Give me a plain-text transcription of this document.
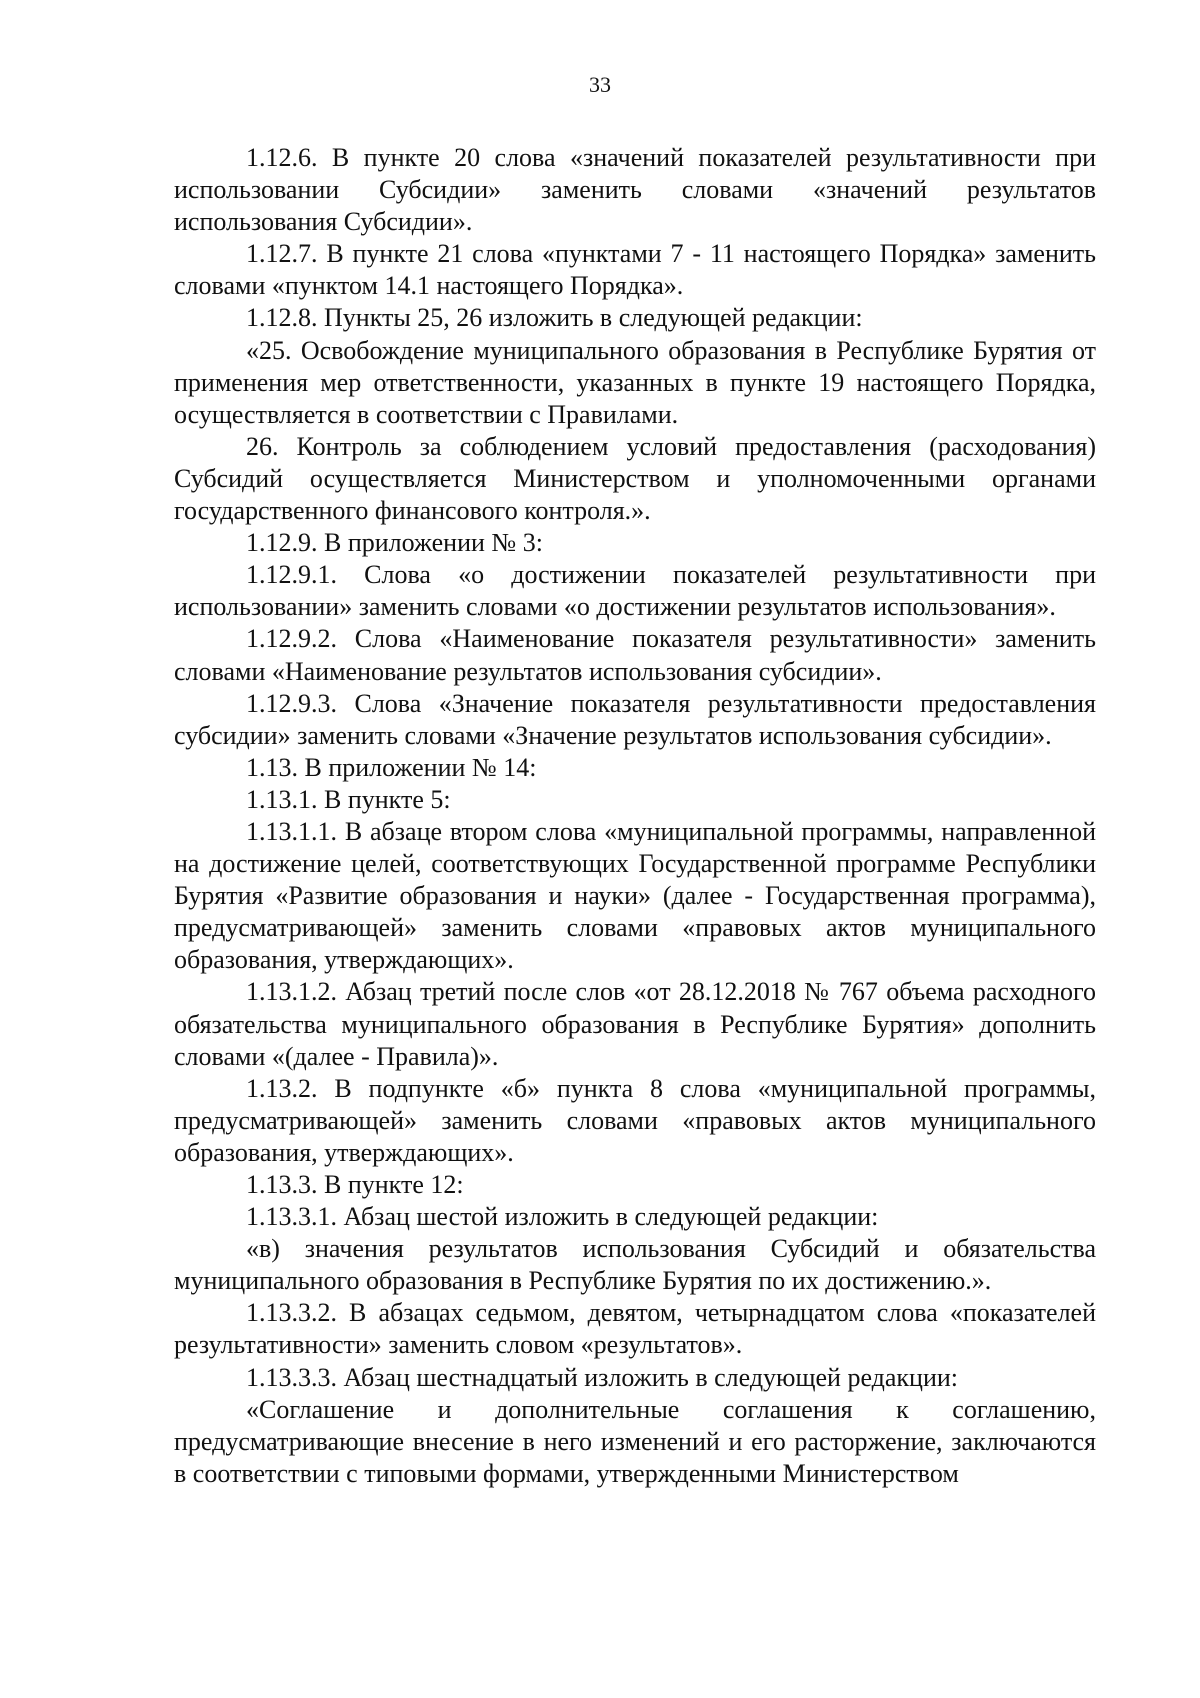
33

1.12.6. В пункте 20 слова «значений показателей результативности при использовании Субсидии» заменить словами «значений результатов использования Субсидии».

1.12.7. В пункте 21 слова «пунктами 7 - 11 настоящего Порядка» заменить словами «пунктом 14.1 настоящего Порядка».

1.12.8. Пункты 25, 26 изложить в следующей редакции:

«25. Освобождение муниципального образования в Республике Бурятия от применения мер ответственности, указанных в пункте 19 настоящего Порядка, осуществляется в соответствии с Правилами.

26. Контроль за соблюдением условий предоставления (расходования) Субсидий осуществляется Министерством и уполномоченными органами государственного финансового контроля.».

1.12.9. В приложении № 3:

1.12.9.1. Слова «о достижении показателей результативности при использовании» заменить словами «о достижении результатов использования».

1.12.9.2. Слова «Наименование показателя результативности» заменить словами «Наименование результатов использования субсидии».

1.12.9.3. Слова «Значение показателя результативности предоставления субсидии» заменить словами «Значение результатов использования субсидии».

1.13. В приложении № 14:

1.13.1. В пункте 5:

1.13.1.1. В абзаце втором слова «муниципальной программы, направленной на достижение целей, соответствующих Государственной программе Республики Бурятия «Развитие образования и науки» (далее - Государственная программа), предусматривающей» заменить словами «правовых актов муниципального образования, утверждающих».

1.13.1.2. Абзац третий после слов «от 28.12.2018 № 767 объема расходного обязательства муниципального образования в Республике Бурятия» дополнить словами «(далее - Правила)».

1.13.2. В подпункте «б» пункта 8 слова «муниципальной программы, предусматривающей» заменить словами «правовых актов муниципального образования, утверждающих».

1.13.3. В пункте 12:

1.13.3.1. Абзац шестой изложить в следующей редакции:

«в) значения результатов использования Субсидий и обязательства муниципального образования в Республике Бурятия по их достижению.».

1.13.3.2. В абзацах седьмом, девятом, четырнадцатом слова «показателей результативности» заменить словом «результатов».

1.13.3.3. Абзац шестнадцатый изложить в следующей редакции:

«Соглашение и дополнительные соглашения к соглашению, предусматривающие внесение в него изменений и его расторжение, заключаются в соответствии с типовыми формами, утвержденными Министерством
